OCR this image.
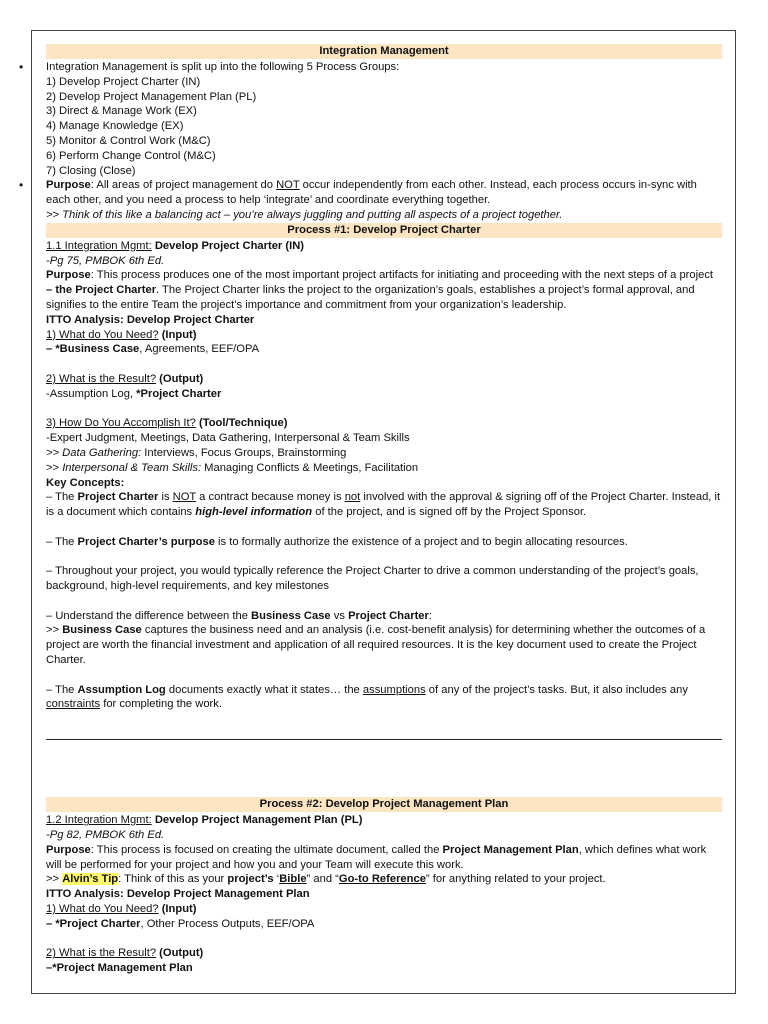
Integration Management
• Integration Management is split up into the following 5 Process Groups:
1) Develop Project Charter (IN)
2) Develop Project Management Plan (PL)
3) Direct & Manage Work (EX)
4) Manage Knowledge (EX)
5) Monitor & Control Work (M&C)
6) Perform Change Control (M&C)
7) Closing (Close)
• Purpose: All areas of project management do NOT occur independently from each other. Instead, each process occurs in-sync with each other, and you need a process to help ‘integrate’ and coordinate everything together.
>> Think of this like a balancing act – you’re always juggling and putting all aspects of a project together.
Process #1: Develop Project Charter
1.1 Integration Mgmt: Develop Project Charter (IN)
-Pg 75, PMBOK 6th Ed.
Purpose: This process produces one of the most important project artifacts for initiating and proceeding with the next steps of a project – the Project Charter. The Project Charter links the project to the organization’s goals, establishes a project’s formal approval, and signifies to the entire Team the project’s importance and commitment from your organization’s leadership.
ITTO Analysis: Develop Project Charter
1) What do You Need? (Input)
– *Business Case, Agreements, EEF/OPA
2) What is the Result? (Output)
-Assumption Log, *Project Charter
3) How Do You Accomplish It? (Tool/Technique)
-Expert Judgment, Meetings, Data Gathering, Interpersonal & Team Skills
>> Data Gathering: Interviews, Focus Groups, Brainstorming
>> Interpersonal & Team Skills: Managing Conflicts & Meetings, Facilitation
Key Concepts:
– The Project Charter is NOT a contract because money is not involved with the approval & signing off of the Project Charter. Instead, it is a document which contains high-level information of the project, and is signed off by the Project Sponsor.
– The Project Charter’s purpose is to formally authorize the existence of a project and to begin allocating resources.
– Throughout your project, you would typically reference the Project Charter to drive a common understanding of the project’s goals, background, high-level requirements, and key milestones
– Understand the difference between the Business Case vs Project Charter:
>> Business Case captures the business need and an analysis (i.e. cost-benefit analysis) for determining whether the outcomes of a project are worth the financial investment and application of all required resources. It is the key document used to create the Project Charter.
– The Assumption Log documents exactly what it states… the assumptions of any of the project’s tasks. But, it also includes any constraints for completing the work.
Process #2: Develop Project Management Plan
1.2 Integration Mgmt: Develop Project Management Plan (PL)
-Pg 82, PMBOK 6th Ed.
Purpose: This process is focused on creating the ultimate document, called the Project Management Plan, which defines what work will be performed for your project and how you and your Team will execute this work.
>> Alvin’s Tip: Think of this as your project’s ‘Bible” and “Go-to Reference” for anything related to your project.
ITTO Analysis: Develop Project Management Plan
1) What do You Need? (Input)
– *Project Charter, Other Process Outputs, EEF/OPA
2) What is the Result? (Output)
–*Project Management Plan
